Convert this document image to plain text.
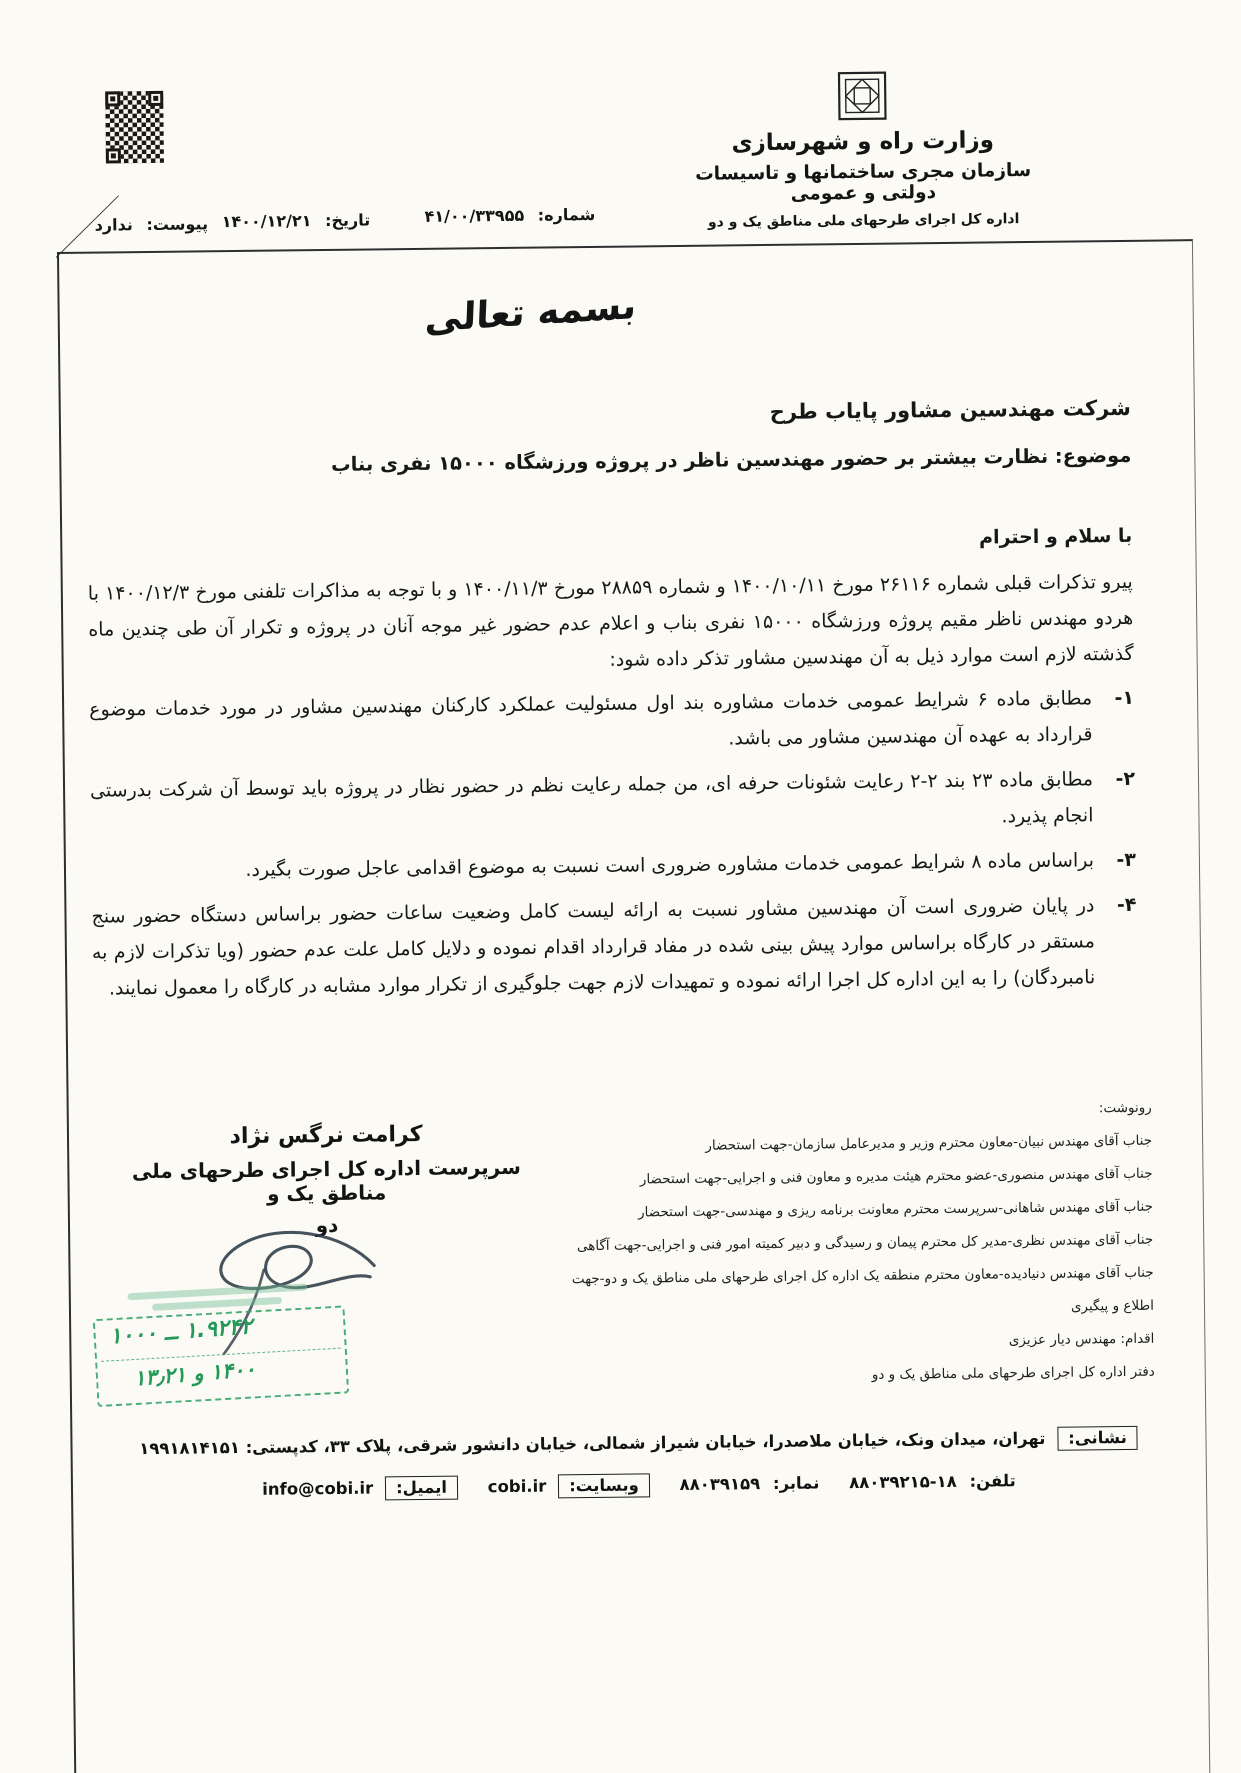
وزارت راه و شهرسازی
سازمان مجری ساختمانها و تاسیسات دولتی و عمومی
اداره کل اجرای طرحهای ملی مناطق یک و دو
شماره: ۴۱/۰۰/۳۳۹۵۵
تاریخ: ۱۴۰۰/۱۲/۲۱
پیوست: ندارد
بسمه تعالی
شرکت مهندسین مشاور پایاب طرح
موضوع: نظارت بیشتر بر حضور مهندسین ناظر در پروژه ورزشگاه ۱۵۰۰۰ نفری بناب
با سلام و احترام

پیرو تذکرات قبلی شماره ۲۶۱۱۶ مورخ ۱۴۰۰/۱۰/۱۱ و شماره ۲۸۸۵۹ مورخ ۱۴۰۰/۱۱/۳ و با توجه به مذاکرات تلفنی مورخ ۱۴۰۰/۱۲/۳ با هردو مهندس ناظر مقیم پروژه ورزشگاه ۱۵۰۰۰ نفری بناب و اعلام عدم حضور غیر موجه آنان در پروژه و تکرار آن طی چندین ماه گذشته لازم است موارد ذیل به آن مهندسین مشاور تذکر داده شود:

۱-
مطابق ماده ۶ شرایط عمومی خدمات مشاوره بند اول مسئولیت عملکرد کارکنان مهندسین مشاور در مورد خدمات موضوع قرارداد به عهده آن مهندسین مشاور می باشد.
۲-
مطابق ماده ۲۳ بند ۲-۲ رعایت شئونات حرفه ای، من جمله رعایت نظم در حضور نظار در پروژه باید توسط آن شرکت بدرستی انجام پذیرد.
۳-
براساس ماده ۸ شرایط عمومی خدمات مشاوره ضروری است نسبت به موضوع اقدامی عاجل صورت بگیرد.
۴-
در پایان ضروری است آن مهندسین مشاور نسبت به ارائه لیست کامل وضعیت ساعات حضور براساس دستگاه حضور سنج مستقر در کارگاه براساس موارد پیش بینی شده در مفاد قرارداد اقدام نموده و دلایل کامل علت عدم حضور (ویا تذکرات لازم به نامبردگان) را به این اداره کل اجرا ارائه نموده و تمهیدات لازم جهت جلوگیری از تکرار موارد مشابه در کارگاه را معمول نمایند.
کرامت نرگس نژاد
سرپرست اداره کل اجرای طرحهای ملی مناطق یک و
دو
رونوشت:
جناب آقای مهندس نبیان-معاون محترم وزیر و مدیرعامل سازمان-جهت استحضار
جناب آقای مهندس منصوری-عضو محترم هیئت مدیره و معاون فنی و اجرایی-جهت استحضار
جناب آقای مهندس شاهانی-سرپرست محترم معاونت برنامه ریزی و مهندسی-جهت استحضار
جناب آقای مهندس نظری-مدیر کل محترم پیمان و رسیدگی و دبیر کمیته امور فنی و اجرایی-جهت آگاهی
جناب آقای مهندس دنیادیده-معاون محترم منطقه یک اداره کل اجرای طرحهای ملی مناطق یک و دو-جهت اطلاع و پیگیری
اقدام: مهندس دیار عزیزی
دفتر اداره کل اجرای طرحهای ملی مناطق یک و دو
۱.۹۲۴۲ ــ ۱۰۰۰
۱۴۰۰ و ۱۳٫۲۱
نشانی: تهران، میدان ونک، خیابان ملاصدرا، خیابان شیراز شمالی، خیابان دانشور شرقی، پلاک ۳۳، کدپستی: ۱۹۹۱۸۱۴۱۵۱
تلفن: ۱۸-۸۸۰۳۹۲۱۵ نمابر: ۸۸۰۳۹۱۵۹ وبسایت: cobi.ir ایمیل: info@cobi.ir
